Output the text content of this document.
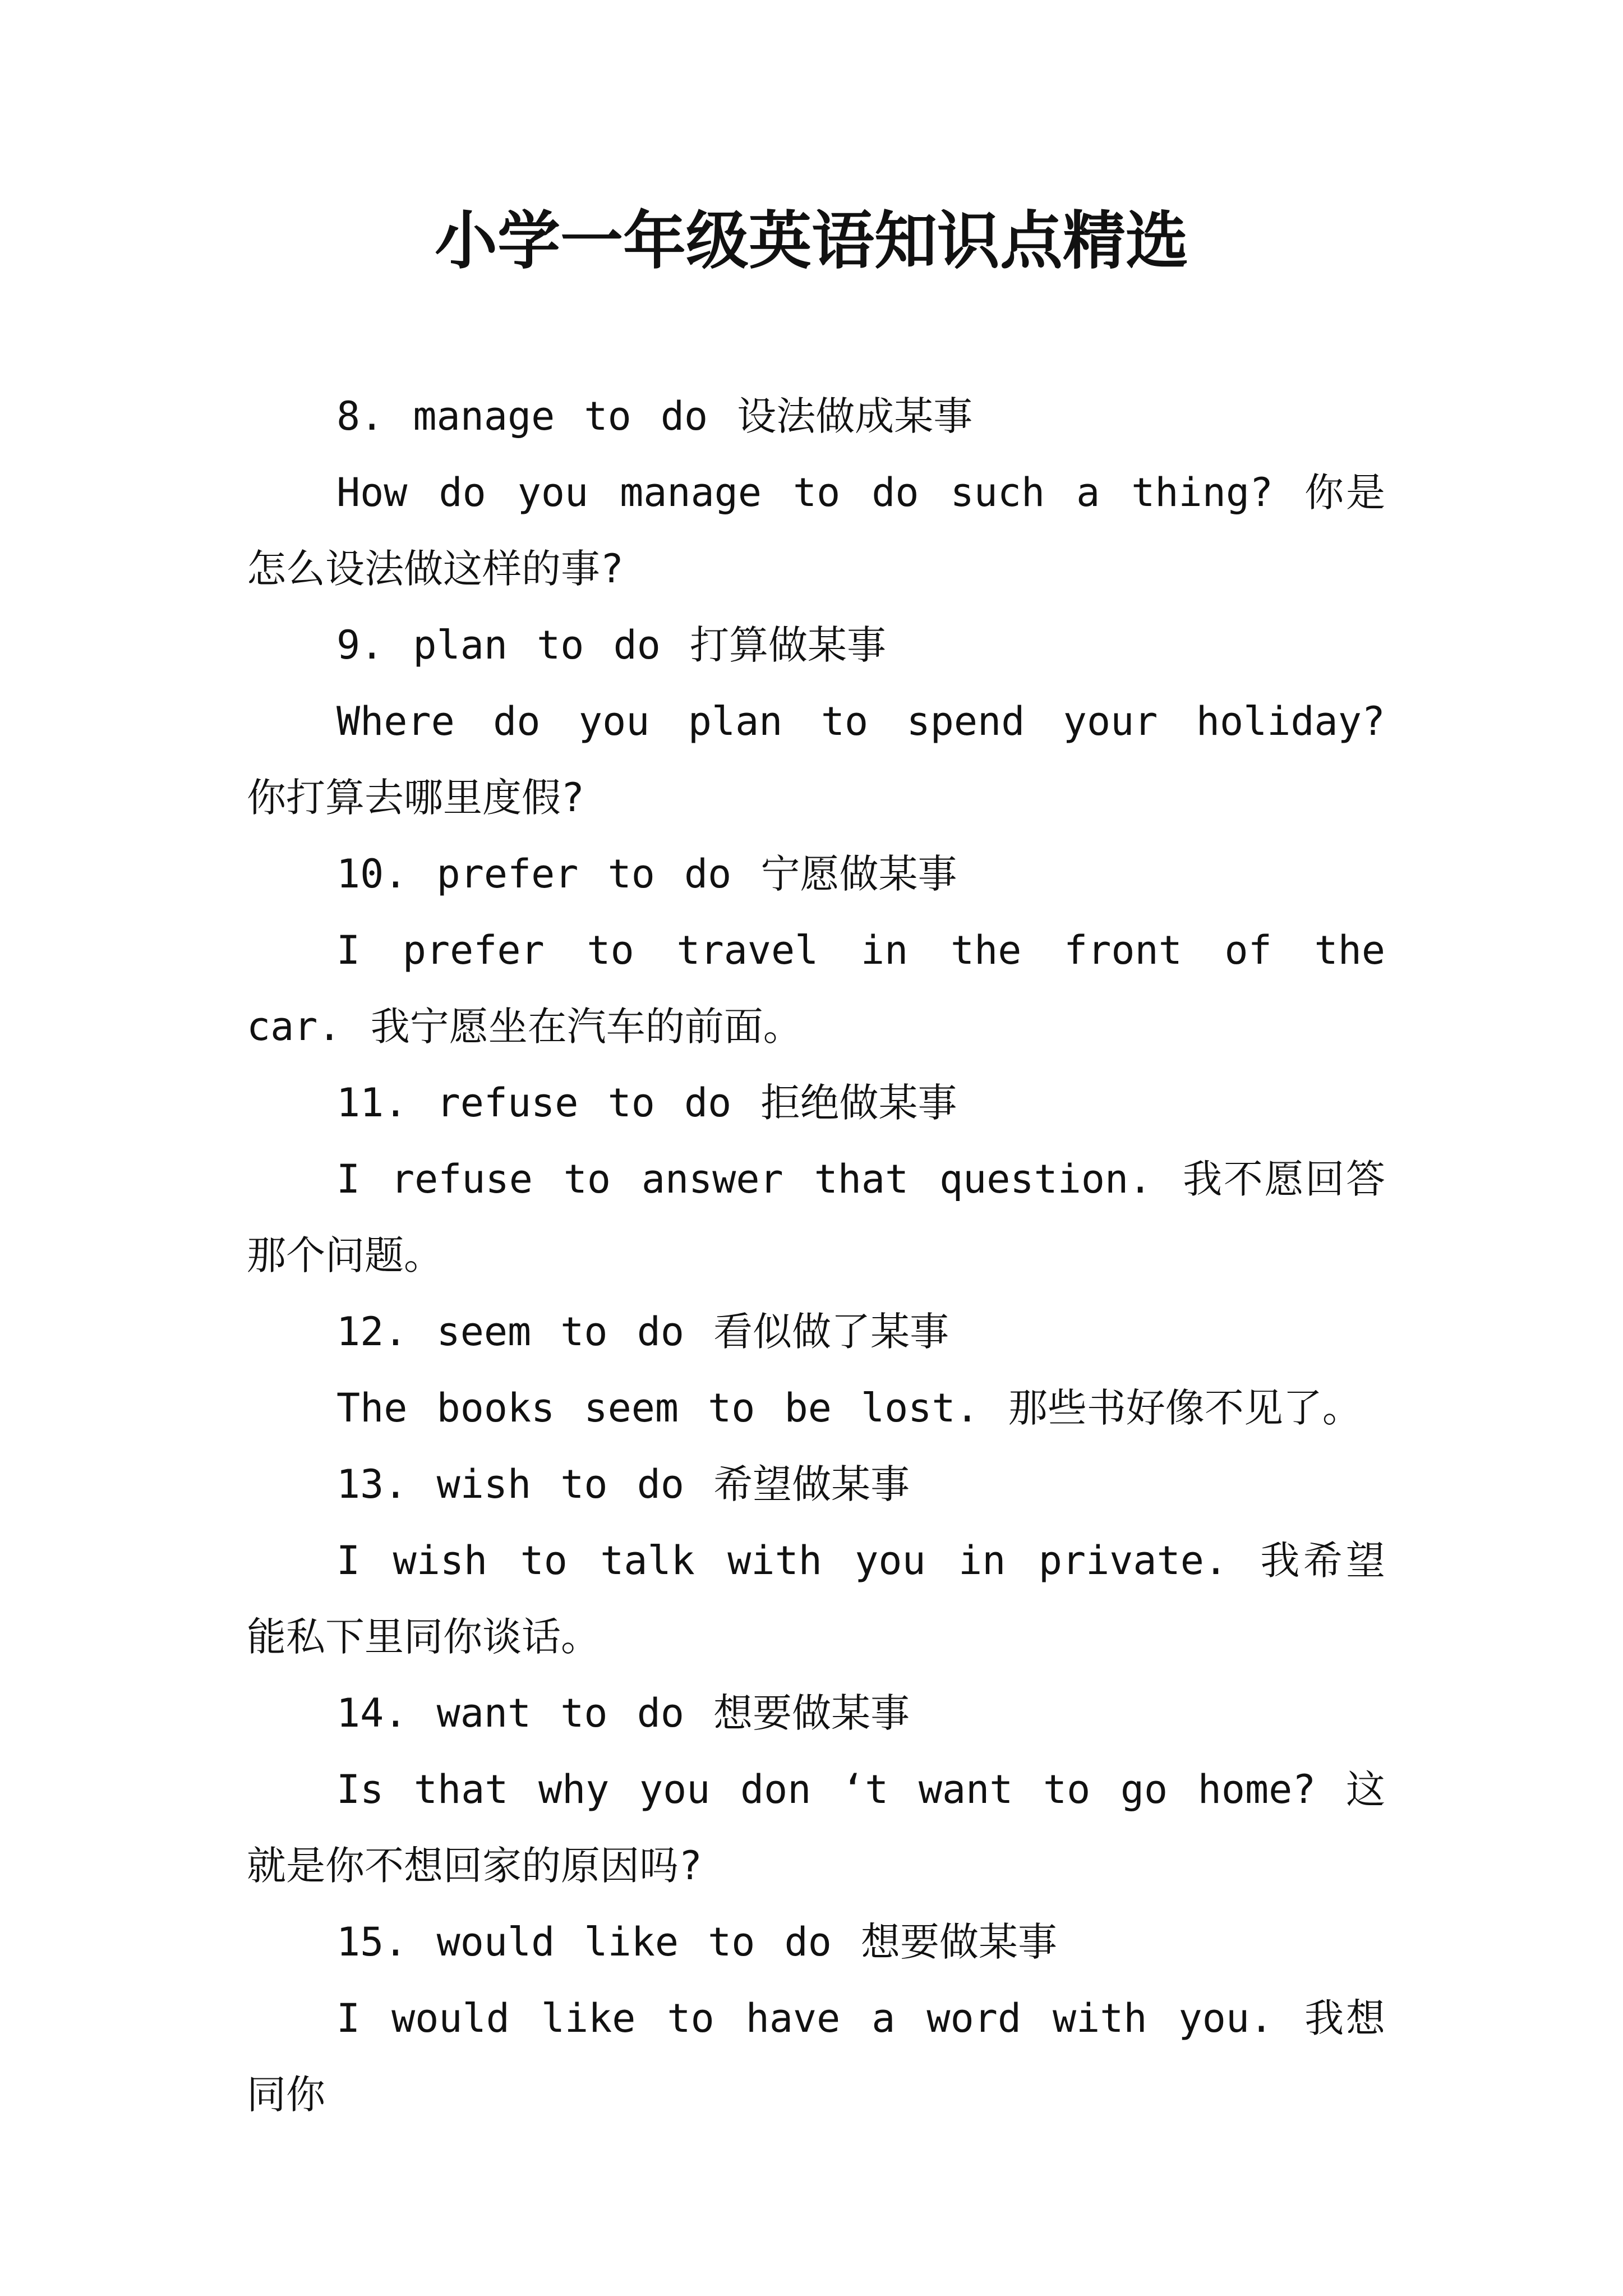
小学一年级英语知识点精选

8. manage to do 设法做成某事

How do you manage to do such a thing? 你是怎么设法做这样的事?

9. plan to do 打算做某事

Where do you plan to spend your holiday? 你打算去哪里度假?

10. prefer to do 宁愿做某事

I prefer to travel in the front of the car. 我宁愿坐在汽车的前面。

11. refuse to do 拒绝做某事

I refuse to answer that question. 我不愿回答那个问题。

12. seem to do 看似做了某事

The books seem to be lost. 那些书好像不见了。

13. wish to do 希望做某事

I wish to talk with you in private. 我希望能私下里同你谈话。

14. want to do 想要做某事

Is that why you don ‘t want to go home? 这就是你不想回家的原因吗?

15. would like to do 想要做某事

I would like to have a word with you. 我想同你
